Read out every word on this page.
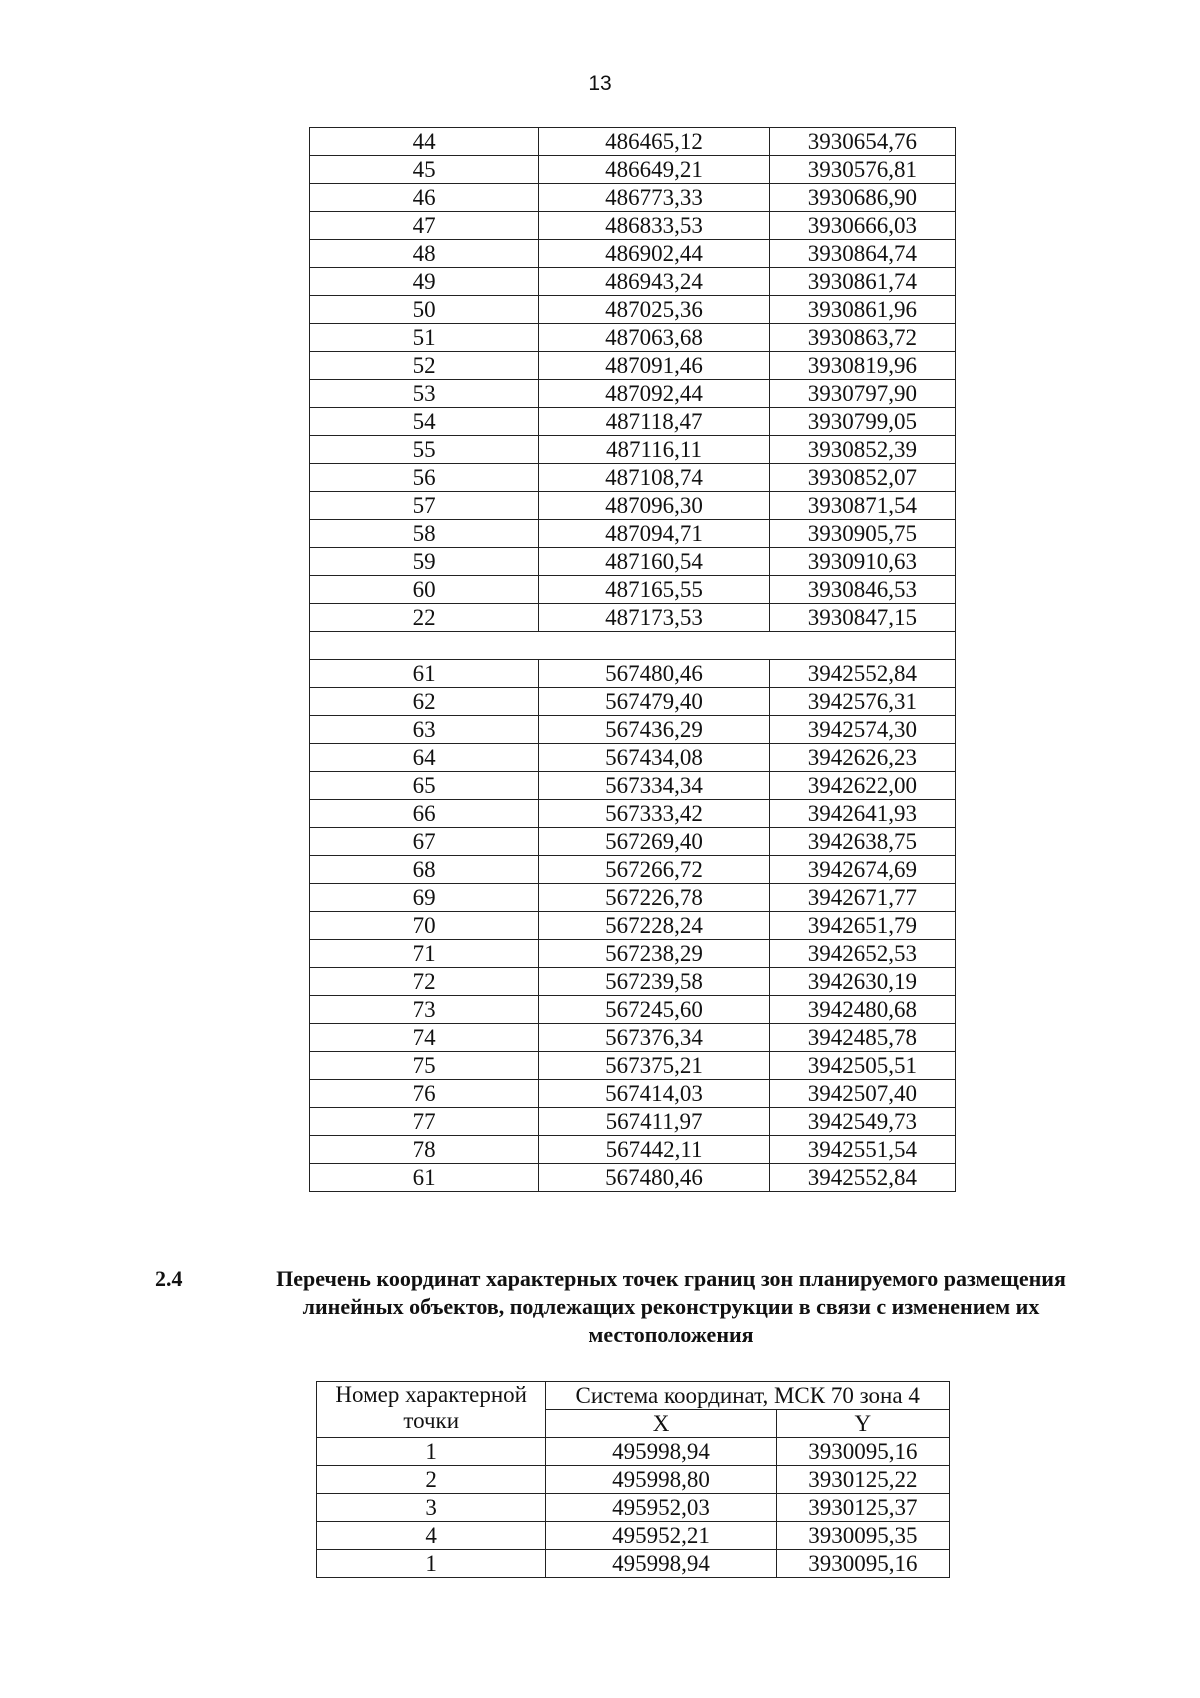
13
44	486465,12	3930654,76
45	486649,21	3930576,81
46	486773,33	3930686,90
47	486833,53	3930666,03
48	486902,44	3930864,74
49	486943,24	3930861,74
50	487025,36	3930861,96
51	487063,68	3930863,72
52	487091,46	3930819,96
53	487092,44	3930797,90
54	487118,47	3930799,05
55	487116,11	3930852,39
56	487108,74	3930852,07
57	487096,30	3930871,54
58	487094,71	3930905,75
59	487160,54	3930910,63
60	487165,55	3930846,53
22	487173,53	3930847,15

61	567480,46	3942552,84
62	567479,40	3942576,31
63	567436,29	3942574,30
64	567434,08	3942626,23
65	567334,34	3942622,00
66	567333,42	3942641,93
67	567269,40	3942638,75
68	567266,72	3942674,69
69	567226,78	3942671,77
70	567228,24	3942651,79
71	567238,29	3942652,53
72	567239,58	3942630,19
73	567245,60	3942480,68
74	567376,34	3942485,78
75	567375,21	3942505,51
76	567414,03	3942507,40
77	567411,97	3942549,73
78	567442,11	3942551,54
61	567480,46	3942552,84
2.4	Перечень координат характерных точек границ зон планируемого размещения
линейных объектов, подлежащих реконструкции в связи с изменением их
местоположения
Номер характерной
точки	Система координат, МСК 70 зона 4	
	X	Y
1	495998,94	3930095,16
2	495998,80	3930125,22
3	495952,03	3930125,37
4	495952,21	3930095,35
1	495998,94	3930095,16
